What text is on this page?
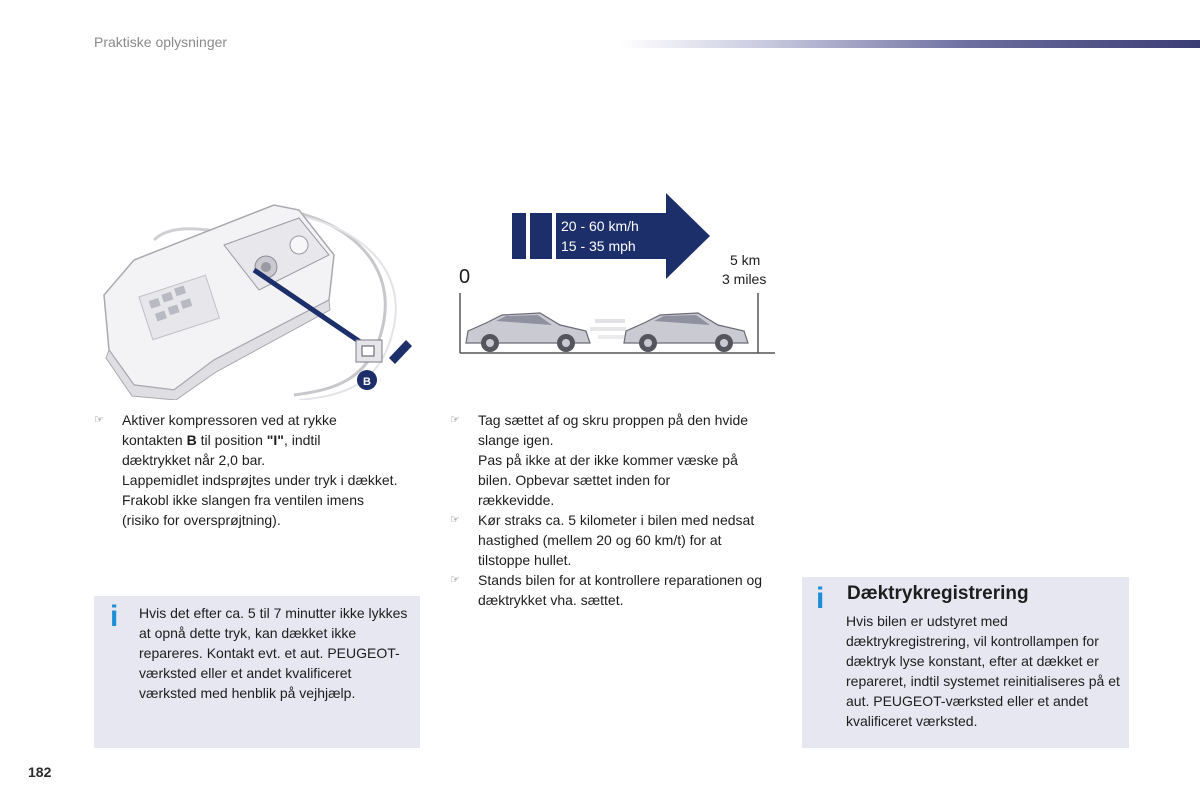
Praktiske oplysninger
B
20 - 60 km/h
15 - 35 mph
0
5 km
3 miles
☞ Aktiver kompressoren ved at rykke
kontakten B til position "I", indtil
dæktrykket når 2,0 bar.

Lappemidlet indsprøjtes under tryk i dækket. Frakobl ikke slangen fra ventilen imens (risiko for oversprøjtning).

☞ Tag sættet af og skru proppen på den hvide slange igen.

Pas på ikke at der ikke kommer væske på bilen. Opbevar sættet inden for rækkevidde.

☞ Kør straks ca. 5 kilometer i bilen med nedsat hastighed (mellem 20 og 60 km/t) for at tilstoppe hullet.

☞ Stands bilen for at kontrollere reparationen og dæktrykket vha. sættet.

i Hvis det efter ca. 5 til 7 minutter ikke lykkes at opnå dette tryk, kan dækket ikke repareres. Kontakt evt. et aut. PEUGEOT-værksted eller et andet kvalificeret værksted med henblik på vejhjælp.
i Dæktrykregistrering
Hvis bilen er udstyret med dæktrykregistrering, vil kontrollampen for dæktryk lyse konstant, efter at dækket er repareret, indtil systemet reinitialiseres på et aut. PEUGEOT-værksted eller et andet kvalificeret værksted.
182
